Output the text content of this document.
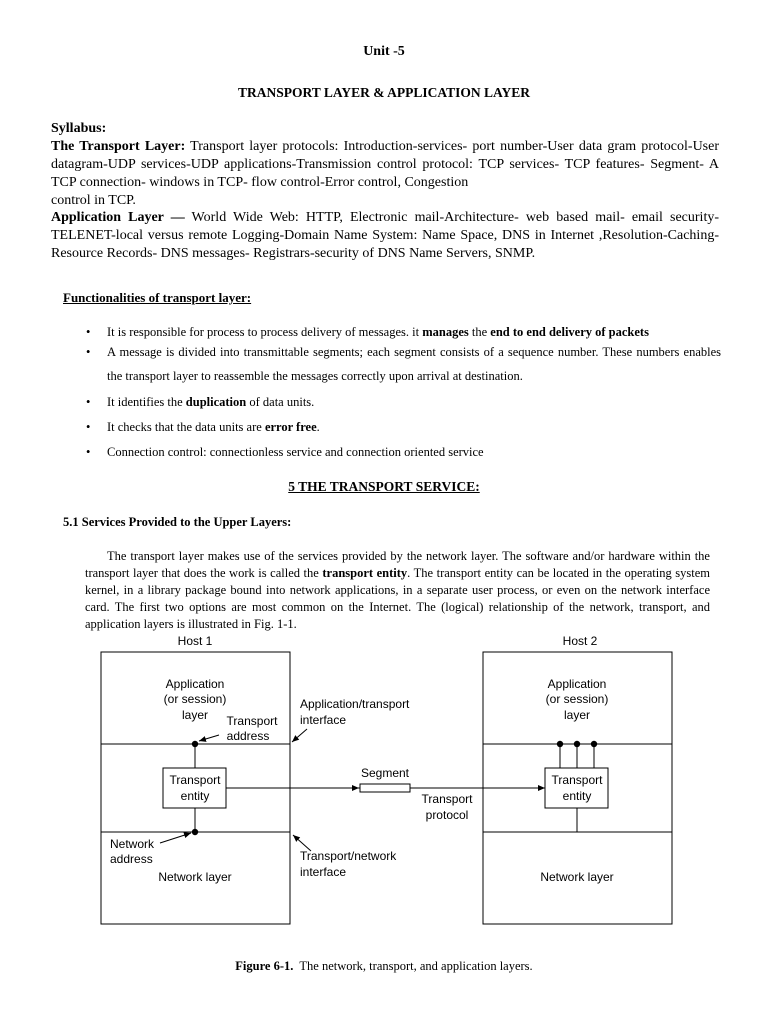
Unit -5
TRANSPORT LAYER & APPLICATION LAYER
Syllabus:
The Transport Layer: Transport layer protocols: Introduction-services- port number-User data gram protocol-User datagram-UDP services-UDP applications-Transmission control protocol: TCP services- TCP features- Segment- A TCP connection- windows in TCP- flow control-Error control, Congestion
control in TCP.
Application Layer — World Wide Web: HTTP, Electronic mail-Architecture- web based mail- email security- TELENET-local versus remote Logging-Domain Name System: Name Space, DNS in Internet ,Resolution-Caching- Resource Records- DNS messages- Registrars-security of DNS Name Servers, SNMP.
Functionalities of transport layer:
• It is responsible for process to process delivery of messages. it manages the end to end delivery of packets
• A message is divided into transmittable segments; each segment consists of a sequence number. These numbers enables the transport layer to reassemble the messages correctly upon arrival at destination.
• It identifies the duplication of data units.
• It checks that the data units are error free.
• Connection control: connectionless service and connection oriented service
5 THE TRANSPORT SERVICE:
5.1 Services Provided to the Upper Layers:
The transport layer makes use of the services provided by the network layer. The software and/or hardware within the transport layer that does the work is called the transport entity. The transport entity can be located in the operating system kernel, in a library package bound into network applications, in a separate user process, or even on the network interface card. The first two options are most common on the Internet. The (logical) relationship of the network, transport, and application layers is illustrated in Fig. 1-1.
Host 1	Host 2
Application
(or session)
layer Transport
address
Transport
entity
Application
(or session)
layer
Transport
entity
Application/transport
interface
Transport/network
interface
Network
address
Network layer	Network layer
Segment
Transport
protocol
Figure 6-1.  The network, transport, and application layers.
